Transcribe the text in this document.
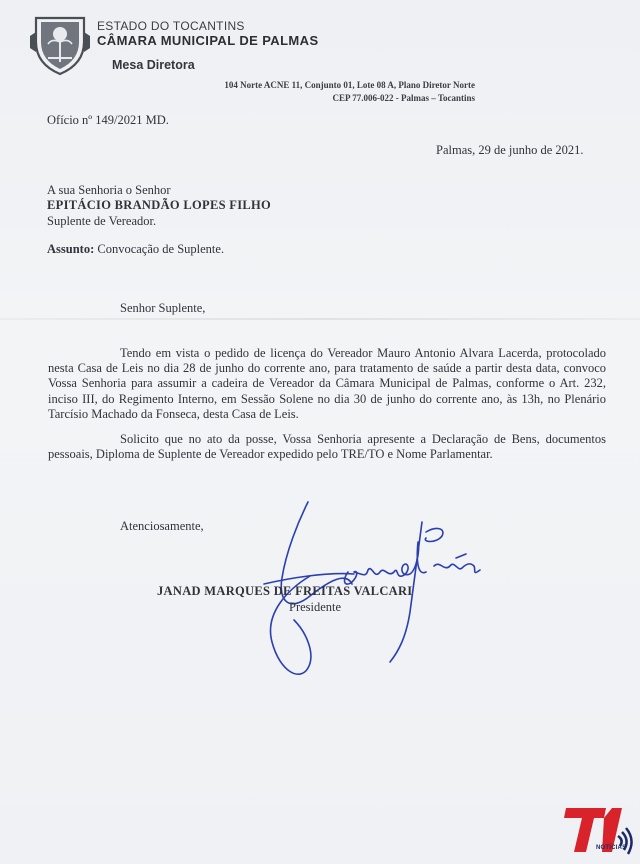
ESTADO DO TOCANTINS
CÂMARA MUNICIPAL DE PALMAS
Mesa Diretora
104 Norte ACNE 11, Conjunto 01, Lote 08 A, Plano Diretor Norte
CEP 77.006-022 - Palmas – Tocantins
Ofício nº 149/2021 MD.
Palmas, 29 de junho de 2021.
A sua Senhoria o Senhor
EPITÁCIO BRANDÃO LOPES FILHO
Suplente de Vereador.
Assunto: Convocação de Suplente.
Senhor Suplente,
Tendo em vista o pedido de licença do Vereador Mauro Antonio Alvara Lacerda, protocolado nesta Casa de Leis no dia 28 de junho do corrente ano, para tratamento de saúde a partir desta data, convoco Vossa Senhoria para assumir a cadeira de Vereador da Câmara Municipal de Palmas, conforme o Art. 232, inciso III, do Regimento Interno, em Sessão Solene no dia 30 de junho do corrente ano, às 13h, no Plenário Tarcísio Machado da Fonseca, desta Casa de Leis.
Solicito que no ato da posse, Vossa Senhoria apresente a Declaração de Bens, documentos pessoais, Diploma de Suplente de Vereador expedido pelo TRE/TO e Nome Parlamentar.
Atenciosamente,
JANAD MARQUES DE FREITAS VALCARI
Presidente
NOTÍCIAS
